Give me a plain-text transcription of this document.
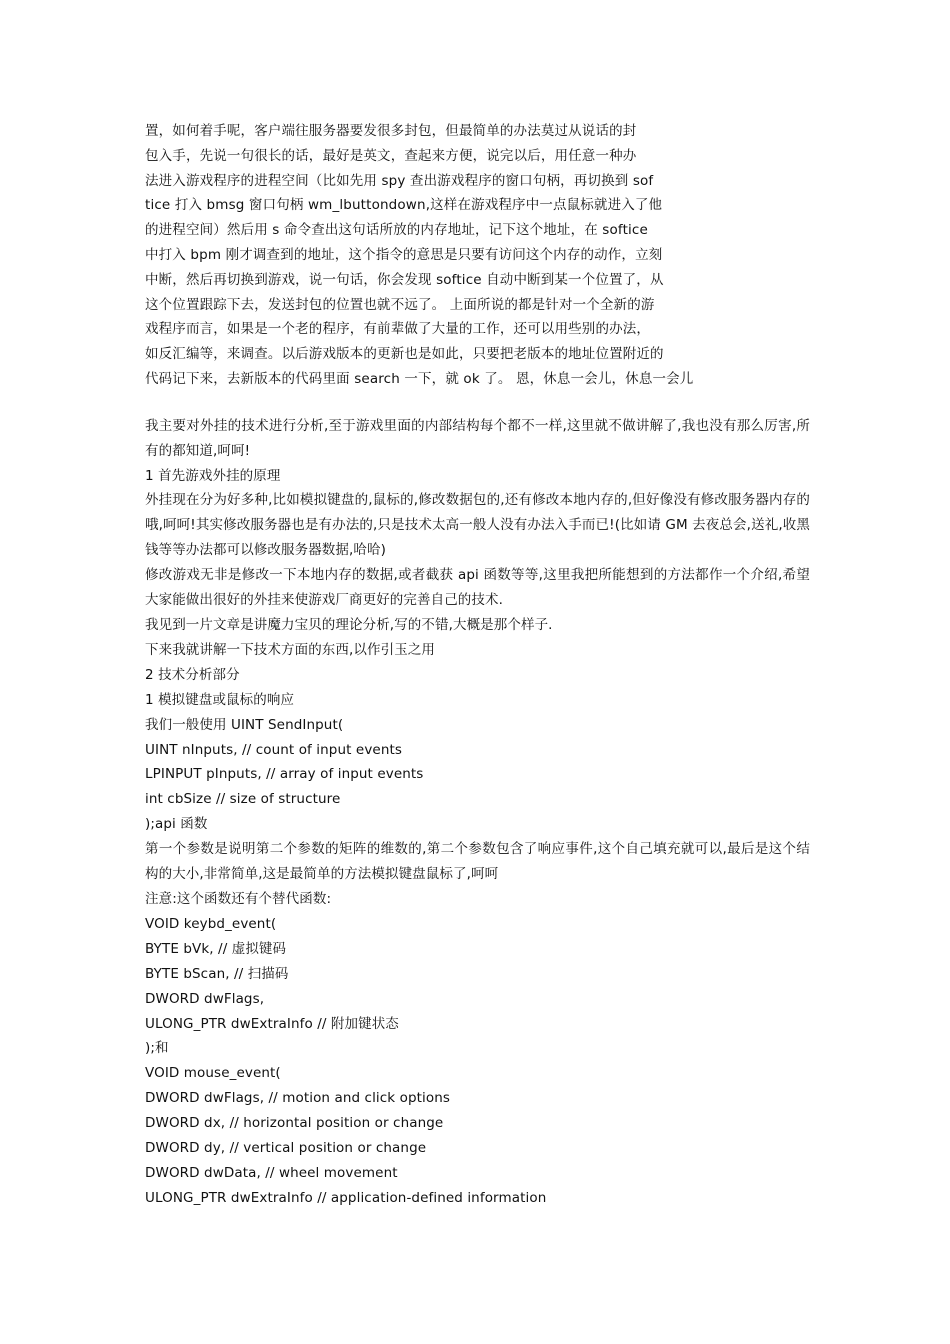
置，如何着手呢，客户端往服务器要发很多封包，但最简单的办法莫过从说话的封
包入手，先说一句很长的话，最好是英文，查起来方便，说完以后，用任意一种办
法进入游戏程序的进程空间（比如先用 spy 查出游戏程序的窗口句柄，再切换到 sof
tice 打入 bmsg 窗口句柄 wm_lbuttondown,这样在游戏程序中一点鼠标就进入了他
的进程空间）然后用 s 命令查出这句话所放的内存地址，记下这个地址，在 softice
中打入 bpm 刚才调查到的地址，这个指令的意思是只要有访问这个内存的动作，立刻
中断，然后再切换到游戏，说一句话，你会发现 softice 自动中断到某一个位置了，从
这个位置跟踪下去，发送封包的位置也就不远了。 上面所说的都是针对一个全新的游
戏程序而言，如果是一个老的程序，有前辈做了大量的工作，还可以用些别的办法，
如反汇编等，来调查。以后游戏版本的更新也是如此，只要把老版本的地址位置附近的
代码记下来，去新版本的代码里面 search 一下，就 ok 了。 恩，休息一会儿，休息一会儿
我主要对外挂的技术进行分析,至于游戏里面的内部结构每个都不一样,这里就不做讲解了,我也没有那么厉害,所有的都知道,呵呵!
1 首先游戏外挂的原理
外挂现在分为好多种,比如模拟键盘的,鼠标的,修改数据包的,还有修改本地内存的,但好像没有修改服务器内存的哦,呵呵!其实修改服务器也是有办法的,只是技术太高一般人没有办法入手而已!(比如请 GM 去夜总会,送礼,收黑钱等等办法都可以修改服务器数据,哈哈)
修改游戏无非是修改一下本地内存的数据,或者截获 api 函数等等,这里我把所能想到的方法都作一个介绍,希望大家能做出很好的外挂来使游戏厂商更好的完善自己的技术.
我见到一片文章是讲魔力宝贝的理论分析,写的不错,大概是那个样子.
下来我就讲解一下技术方面的东西,以作引玉之用
2 技术分析部分
1 模拟键盘或鼠标的响应
我们一般使用 UINT SendInput(
UINT nInputs, // count of input events
LPINPUT pInputs, // array of input events
int cbSize // size of structure
);api 函数
第一个参数是说明第二个参数的矩阵的维数的,第二个参数包含了响应事件,这个自己填充就可以,最后是这个结构的大小,非常简单,这是最简单的方法模拟键盘鼠标了,呵呵
注意:这个函数还有个替代函数:
VOID keybd_event(
BYTE bVk, // 虚拟键码
BYTE bScan, // 扫描码
DWORD dwFlags,
ULONG_PTR dwExtraInfo // 附加键状态
);和
VOID mouse_event(
DWORD dwFlags, // motion and click options
DWORD dx, // horizontal position or change
DWORD dy, // vertical position or change
DWORD dwData, // wheel movement
ULONG_PTR dwExtraInfo // application-defined information
